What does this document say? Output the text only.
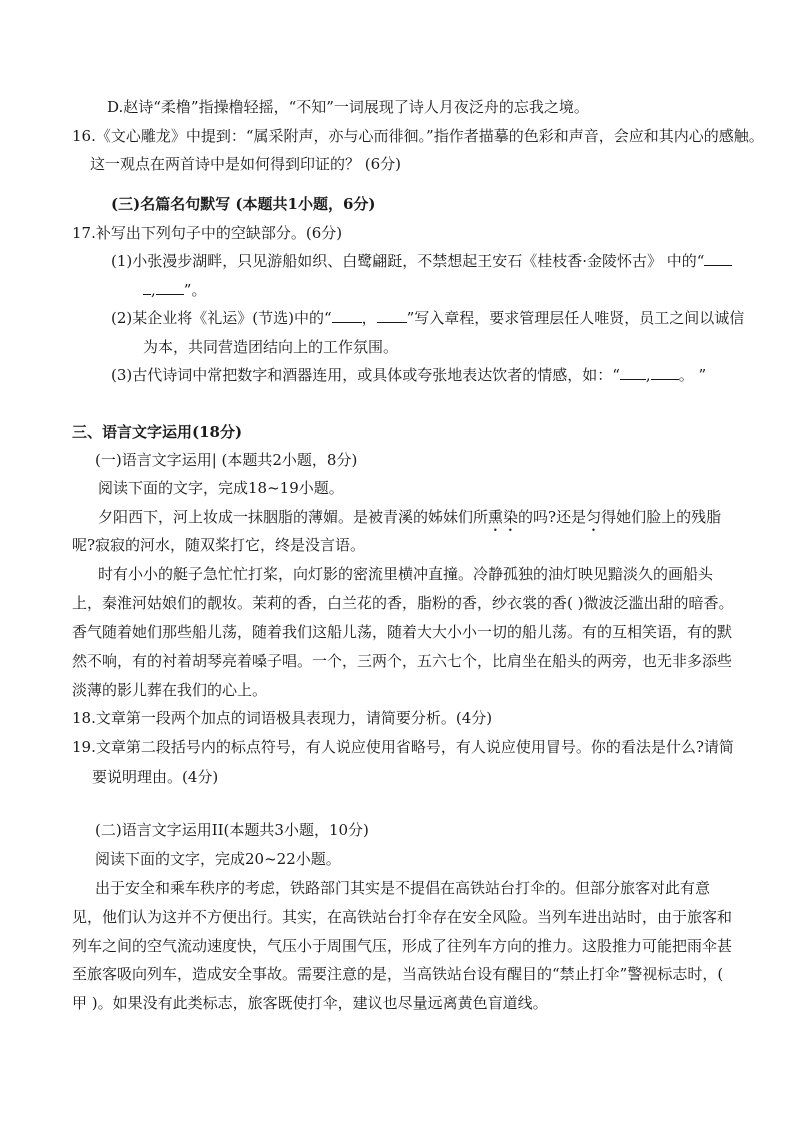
D.赵诗“柔橹”指操橹轻摇，“不知”一词展现了诗人月夜泛舟的忘我之境。
16.《文心雕龙》中提到：“属采附声，亦与心而徘徊。”指作者描摹的色彩和声音，会应和其内心的感触。
这一观点在两首诗中是如何得到印证的？ (6分)
(三)名篇名句默写 (本题共1小题，6分)
17.补写出下列句子中的空缺部分。(6分)
(1)小张漫步湖畔，只见游船如织、白鹭翩跹，不禁想起王安石《桂枝香·金陵怀古》 中的“
, ”。
(2)某企业将《礼运》(节选)中的“ ， ”写入章程，要求管理层任人唯贤，员工之间以诚信
为本，共同营造团结向上的工作氛围。
(3)古代诗词中常把数字和酒器连用，或具体或夸张地表达饮者的情感，如：“ , 。 ”
三、语言文字运用(18分)
(一)语言文字运用| (本题共2小题，8分)
阅读下面的文字，完成18~19小题。
夕阳西下，河上妆成一抹胭脂的薄媚。是被青溪的姊妹们所熏染的吗?还是匀得她们脸上的残脂
呢?寂寂的河水，随双桨打它，终是没言语。
时有小小的艇子急忙忙打桨，向灯影的密流里横冲直撞。冷静孤独的油灯映见黯淡久的画船头
上，秦淮河姑娘们的靓妆。茉莉的香，白兰花的香，脂粉的香，纱衣裳的香( )微波泛滥出甜的暗香。
香气随着她们那些船儿荡，随着我们这船儿荡，随着大大小小一切的船儿荡。有的互相笑语，有的默
然不响，有的衬着胡琴亮着嗓子唱。一个，三两个，五六七个，比肩坐在船头的两旁，也无非多添些
淡薄的影儿葬在我们的心上。
18.文章第一段两个加点的词语极具表现力，请简要分析。(4分)
19.文章第二段括号内的标点符号，有人说应使用省略号，有人说应使用冒号。你的看法是什么?请简
要说明理由。(4分)
(二)语言文字运用II(本题共3小题，10分)
阅读下面的文字，完成20~22小题。
出于安全和乘车秩序的考虑，铁路部门其实是不提倡在高铁站台打伞的。但部分旅客对此有意
见，他们认为这并不方便出行。其实，在高铁站台打伞存在安全风险。当列车进出站时，由于旅客和
列车之间的空气流动速度快，气压小于周围气压，形成了往列车方向的推力。这股推力可能把雨伞甚
至旅客吸向列车，造成安全事故。需要注意的是，当高铁站台设有醒目的“禁止打伞”警视标志时，(
甲 )。如果没有此类标志，旅客既使打伞，建议也尽量远离黄色盲道线。
